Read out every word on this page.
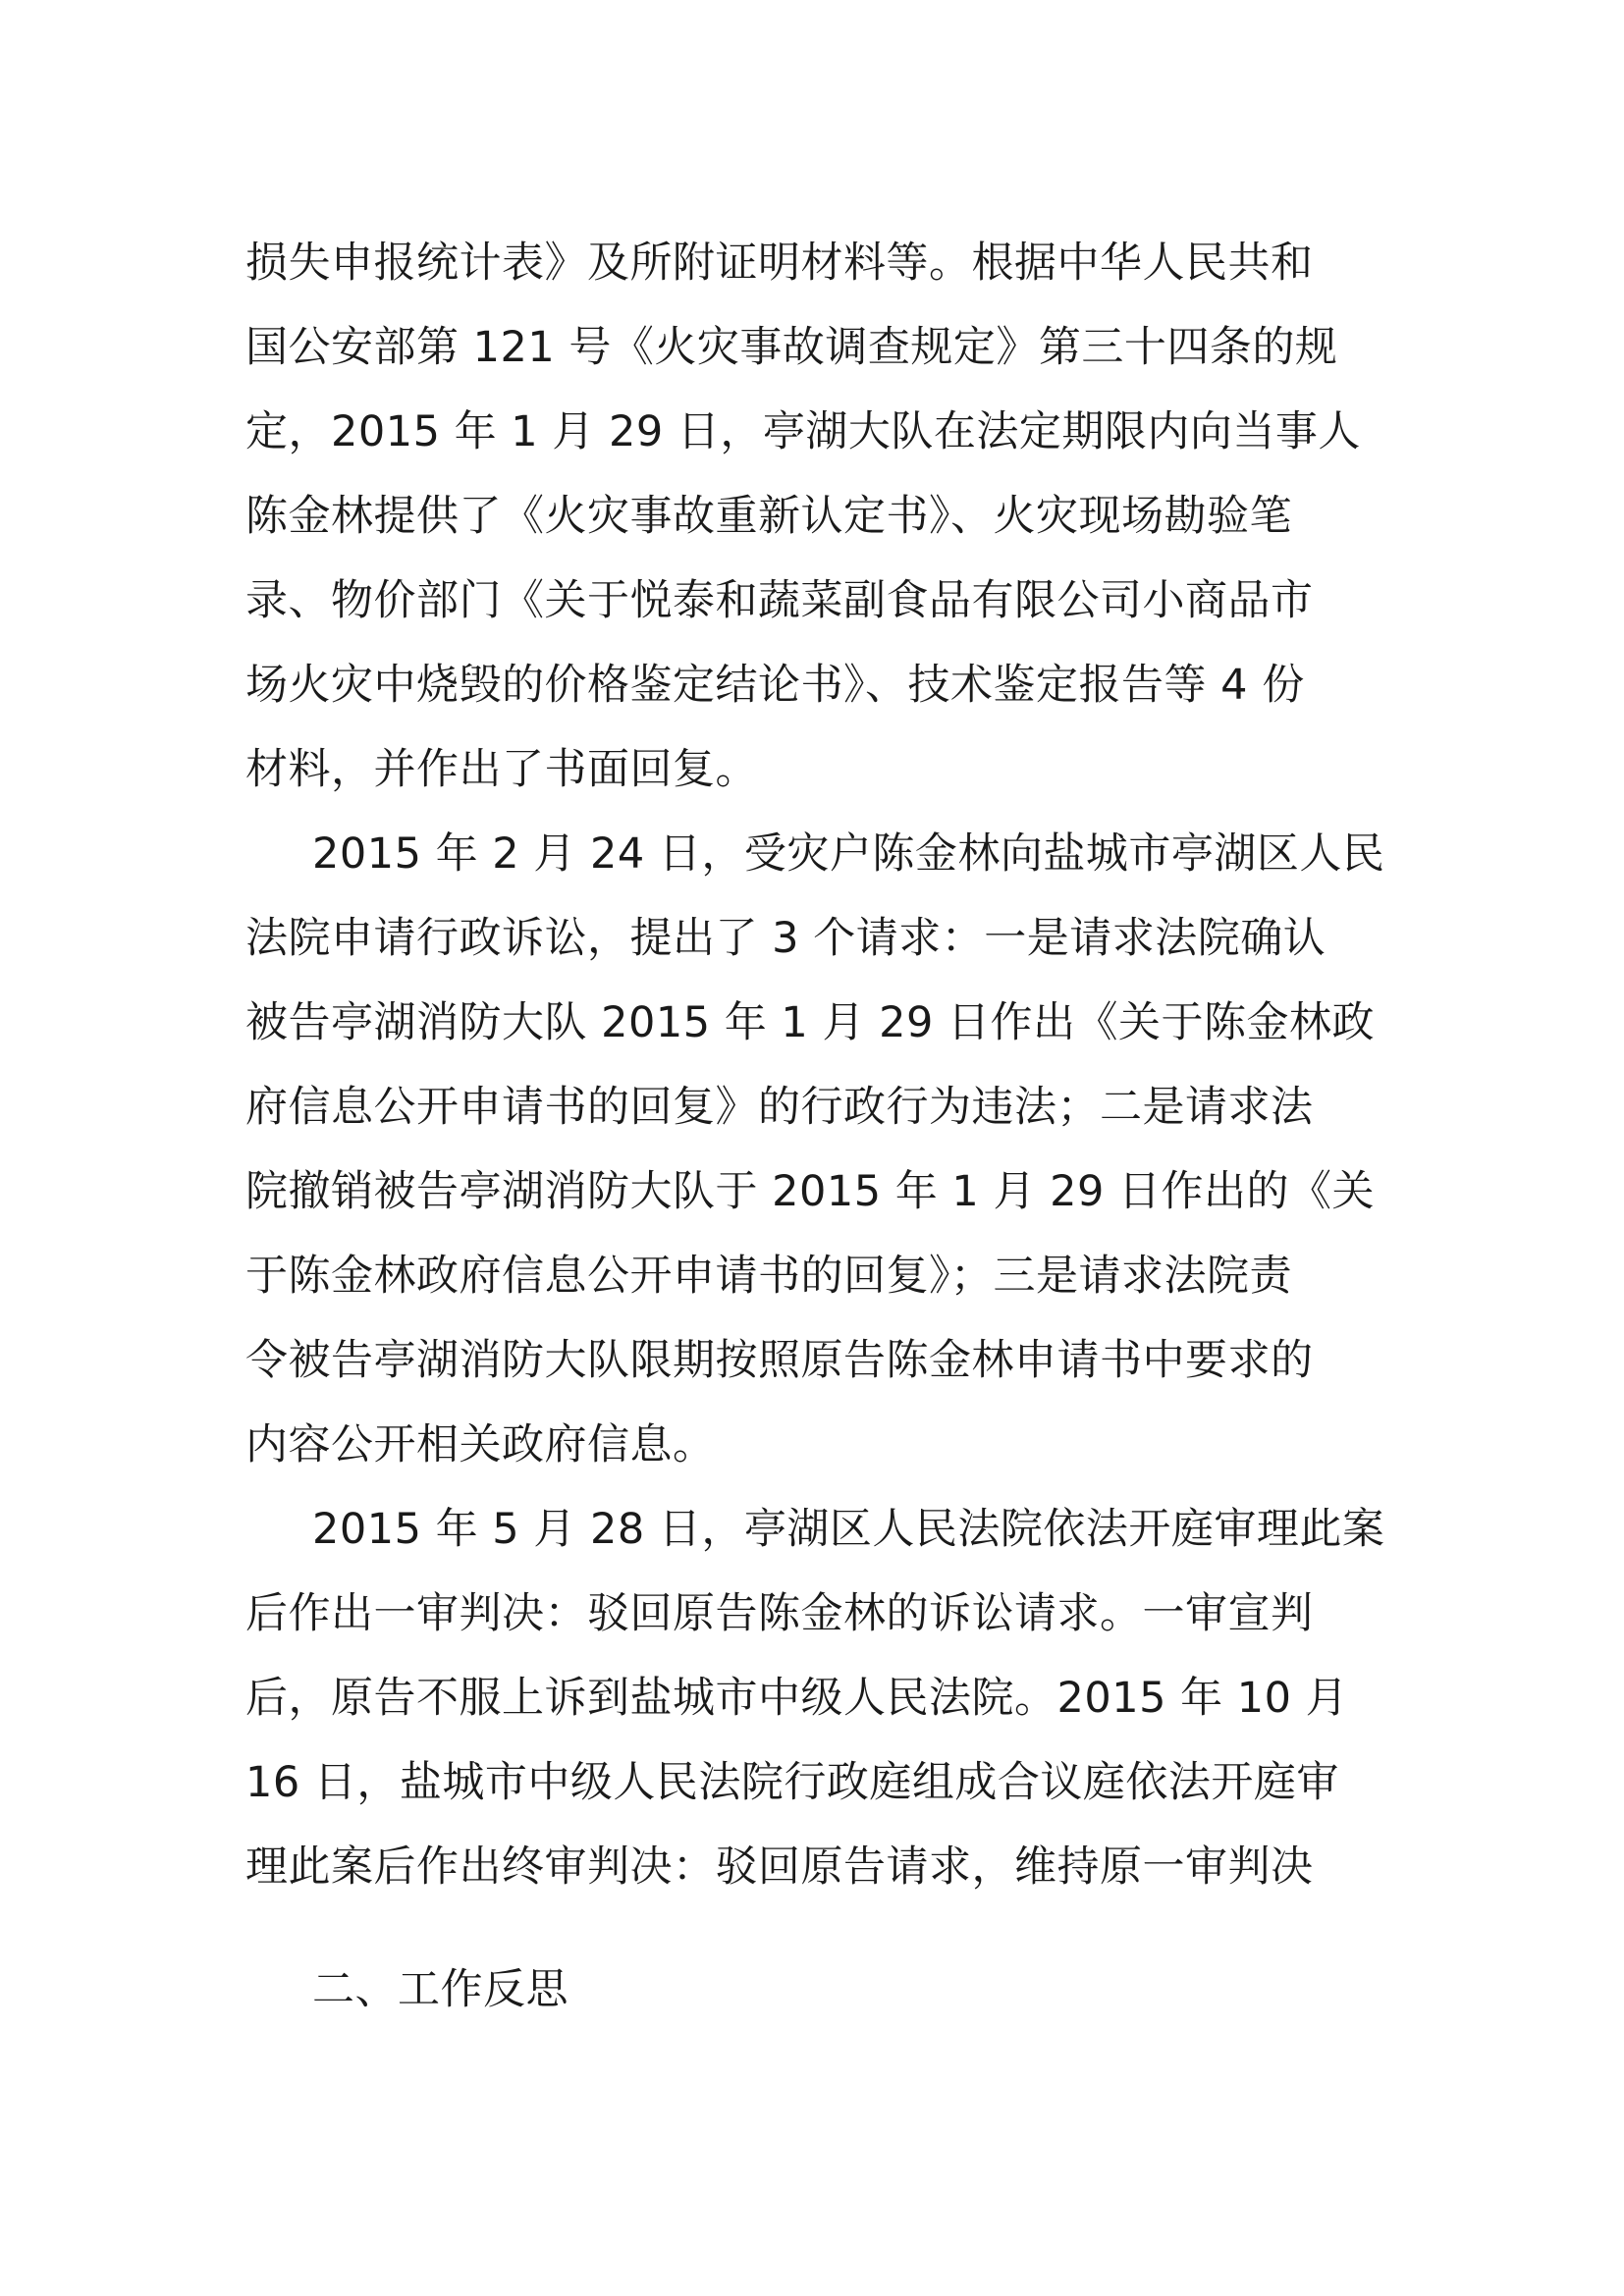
损失申报统计表》及所附证明材料等。根据中华人民共和
国公安部第 121 号《火灾事故调查规定》第三十四条的规
定，2015 年 1 月 29 日，亭湖大队在法定期限内向当事人
陈金林提供了《火灾事故重新认定书》、火灾现场勘验笔
录、物价部门《关于悦泰和蔬菜副食品有限公司小商品市
场火灾中烧毁的价格鉴定结论书》、技术鉴定报告等 4 份
材料，并作出了书面回复。
2015 年 2 月 24 日，受灾户陈金林向盐城市亭湖区人民
法院申请行政诉讼，提出了 3 个请求：一是请求法院确认
被告亭湖消防大队 2015 年 1 月 29 日作出《关于陈金林政
府信息公开申请书的回复》的行政行为违法；二是请求法
院撤销被告亭湖消防大队于 2015 年 1 月 29 日作出的《关
于陈金林政府信息公开申请书的回复》；三是请求法院责
令被告亭湖消防大队限期按照原告陈金林申请书中要求的
内容公开相关政府信息。
2015 年 5 月 28 日，亭湖区人民法院依法开庭审理此案
后作出一审判决：驳回原告陈金林的诉讼请求。一审宣判
后，原告不服上诉到盐城市中级人民法院。2015 年 10 月
16 日，盐城市中级人民法院行政庭组成合议庭依法开庭审
理此案后作出终审判决：驳回原告请求，维持原一审判决
二、工作反思
